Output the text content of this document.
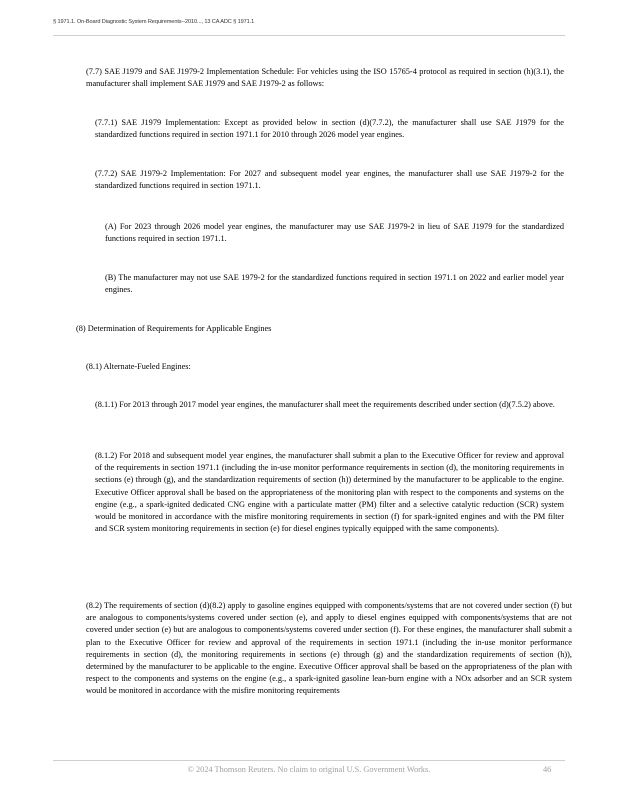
§ 1971.1. On-Board Diagnostic System Requirements--2010..., 13 CA ADC § 1971.1
(7.7) SAE J1979 and SAE J1979-2 Implementation Schedule: For vehicles using the ISO 15765-4 protocol as required in section (h)(3.1), the manufacturer shall implement SAE J1979 and SAE J1979-2 as follows:
(7.7.1) SAE J1979 Implementation: Except as provided below in section (d)(7.7.2), the manufacturer shall use SAE J1979 for the standardized functions required in section 1971.1 for 2010 through 2026 model year engines.
(7.7.2) SAE J1979-2 Implementation: For 2027 and subsequent model year engines, the manufacturer shall use SAE J1979-2 for the standardized functions required in section 1971.1.
(A) For 2023 through 2026 model year engines, the manufacturer may use SAE J1979-2 in lieu of SAE J1979 for the standardized functions required in section 1971.1.
(B) The manufacturer may not use SAE 1979-2 for the standardized functions required in section 1971.1 on 2022 and earlier model year engines.
(8) Determination of Requirements for Applicable Engines
(8.1) Alternate-Fueled Engines:
(8.1.1) For 2013 through 2017 model year engines, the manufacturer shall meet the requirements described under section (d)(7.5.2) above.
(8.1.2) For 2018 and subsequent model year engines, the manufacturer shall submit a plan to the Executive Officer for review and approval of the requirements in section 1971.1 (including the in-use monitor performance requirements in section (d), the monitoring requirements in sections (e) through (g), and the standardization requirements of section (h)) determined by the manufacturer to be applicable to the engine. Executive Officer approval shall be based on the appropriateness of the monitoring plan with respect to the components and systems on the engine (e.g., a spark-ignited dedicated CNG engine with a particulate matter (PM) filter and a selective catalytic reduction (SCR) system would be monitored in accordance with the misfire monitoring requirements in section (f) for spark-ignited engines and with the PM filter and SCR system monitoring requirements in section (e) for diesel engines typically equipped with the same components).
(8.2) The requirements of section (d)(8.2) apply to gasoline engines equipped with components/systems that are not covered under section (f) but are analogous to components/systems covered under section (e), and apply to diesel engines equipped with components/systems that are not covered under section (e) but are analogous to components/systems covered under section (f). For these engines, the manufacturer shall submit a plan to the Executive Officer for review and approval of the requirements in section 1971.1 (including the in-use monitor performance requirements in section (d), the monitoring requirements in sections (e) through (g) and the standardization requirements of section (h)), determined by the manufacturer to be applicable to the engine. Executive Officer approval shall be based on the appropriateness of the plan with respect to the components and systems on the engine (e.g., a spark-ignited gasoline lean-burn engine with a NOx adsorber and an SCR system would be monitored in accordance with the misfire monitoring requirements
© 2024 Thomson Reuters. No claim to original U.S. Government Works.	46
